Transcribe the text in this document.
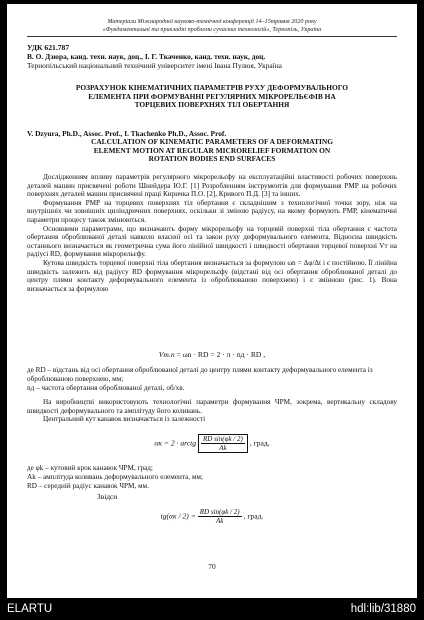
Матеріали Міжнародної науково-технічної конференції 14–15травня 2020 року
«Фундаментальні та прикладні проблеми сучасних технологій», Тернопіль, Україна
УДК 621.787
В. О. Дзюра, канд. техн. наук, доц., І. Г. Ткаченко, канд. техн. наук, доц.
Тернопільський національний технічний університет імені Івана Пулюя, Україна
РОЗРАХУНОК КІНЕМАТИЧНИХ ПАРАМЕТРІВ РУХУ ДЕФОРМУВАЛЬНОГО
ЕЛЕМЕНТА ПРИ ФОРМУВАННІ РЕГУЛЯРНИХ МІКРОРЕЛЬЄФІВ НА
ТОРЦЕВИХ ПОВЕРХНЯХ ТІЛ ОБЕРТАННЯ
V. Dzyura, Ph.D., Assoc. Prof., I. Tkachenko Ph.D., Assoc. Prof.
CALCULATION OF KINEMATIC PARAMETERS OF A DEFORMATING
ELEMENT MOTION AT REGULAR MICRORELIEF FORMATION ON
ROTATION BODIES END SURFACES

Дослідженням впливу параметрів регулярного мікрорельєфу на експлуатаційні властивості робочих поверхонь деталей машин присвячені роботи Шнейдера Ю.Г. [1] Розробленням інструментів для формування РМР на робочих поверхнях деталей машин присвячені праці Киричка П.О. [2], Кривого П.Д. [3] та інших.

Формування РМР на торцевих поверхнях тіл обертання є складнішим з технологічної точки зору, ніж на внутрішніх чи зовнішніх циліндричних поверхнях, оскільки зі зміною радіусу, на якому формують РМР, кінематичні параметри процесу також змінюються.

Основними параметрами, що визначають форму мікрорельєфу на торцевій поверхні тіла обертання є частота обертання оброблюваної деталі навколо власної осі та закон руху деформувального елемента. Відносна швидкість останнього визначається як геометрична сума його лінійної швидкості і швидкості обертання торцевої поверхні Vт на радіусі RD, формування мікрорельєфу.

Кутова швидкість торцевої поверхні тіла обертання визначається за формулою ωn = Δφ/Δt і є постійною. Її лінійна швидкість залежить від радіусу RD формування мікрорельєфу (відстані від осі обертання оброблюваної деталі до центру плями контакту деформувального елемента із оброблюваною поверхнею) і є змінною (рис. 1). Вона визначається за формулою

Vт.п = ωn · RD = 2 · π · nд · RD ,

де RD – відстань від осі обертання оброблюваної деталі до центру плями контакту деформувального елемента із оброблюваною поверхнею, мм;

nд – частота обертання оброблюваної деталі, об/хв.

На виробництві використовують технологічні параметри формування ЧРМ, зокрема, вертикальну складову швидкості деформувального та амплітуду його коливань.

Центральний кут канавок визначається із залежності

αк = 2 · arctg $\frac{\text{RD sin(φk / 2)}}{Ak}$ , град,

де φk – кутовий крок канавок ЧРМ, град;

Ak – амплітуда коливань деформувального елемента, мм;

RD – середній радіус канавок ЧРМ, мм.

Звідси
$tg(\alpha к / 2) = \frac{\text{RD sin(φk / 2)}}{Ak}$ , град.
70
ELARTU	hdl:lib/31880
